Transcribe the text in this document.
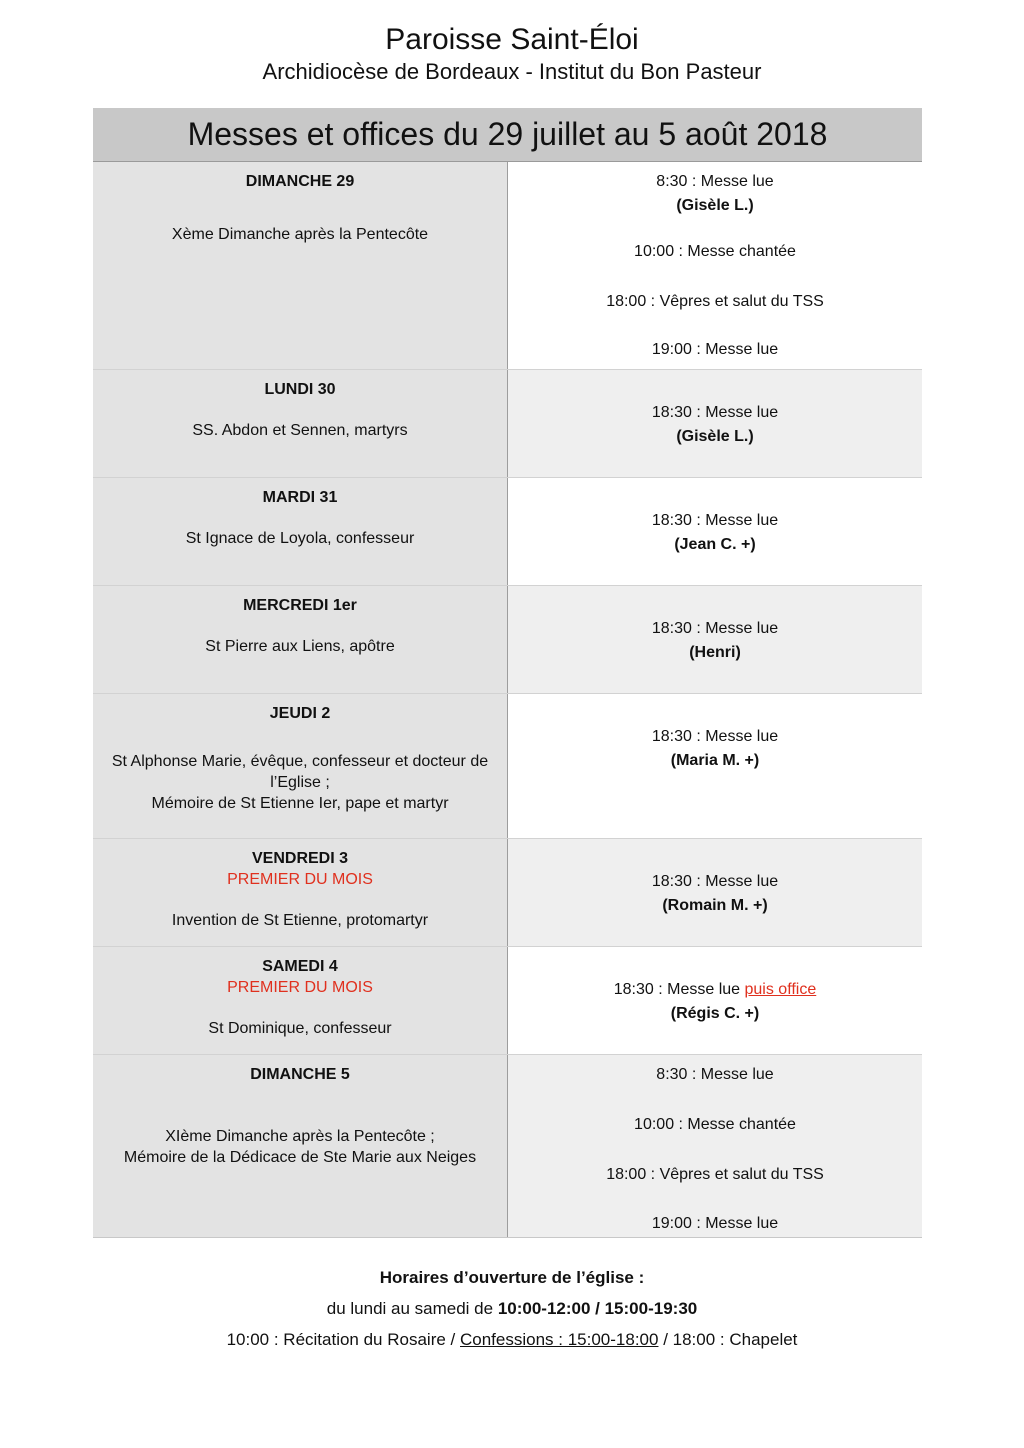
Paroisse Saint-Éloi
Archidiocèse de Bordeaux - Institut du Bon Pasteur
Messes et offices du 29 juillet au 5 août 2018	

DIMANCHE 29
Xème Dimanche après la Pentecôte	8:30 : Messe lue
(Gisèle L.)
10:00 : Messe chantée
18:00 : Vêpres et salut du TSS
19:00 : Messe lue

LUNDI 30
SS. Abdon et Sennen, martyrs	18:30 : Messe lue
(Gisèle L.)

MARDI 31
St Ignace de Loyola, confesseur	18:30 : Messe lue
(Jean C. +)

MERCREDI 1er
St Pierre aux Liens, apôtre	18:30 : Messe lue
(Henri)

JEUDI 2
St Alphonse Marie, évêque, confesseur et docteur de l’Eglise ;
Mémoire de St Etienne Ier, pape et martyr	18:30 : Messe lue
(Maria M. +)

VENDREDI 3
PREMIER DU MOIS
Invention de St Etienne, protomartyr	18:30 : Messe lue
(Romain M. +)

SAMEDI 4
PREMIER DU MOIS
St Dominique, confesseur	18:30 : Messe lue puis office
(Régis C. +)

DIMANCHE 5
XIème Dimanche après la Pentecôte ;
Mémoire de la Dédicace de Ste Marie aux Neiges	8:30 : Messe lue
10:00 : Messe chantée
18:00 : Vêpres et salut du TSS
19:00 : Messe lue
Horaires d’ouverture de l’église :
du lundi au samedi de 10:00-12:00 / 15:00-19:30
10:00 : Récitation du Rosaire / Confessions : 15:00-18:00 / 18:00 : Chapelet
